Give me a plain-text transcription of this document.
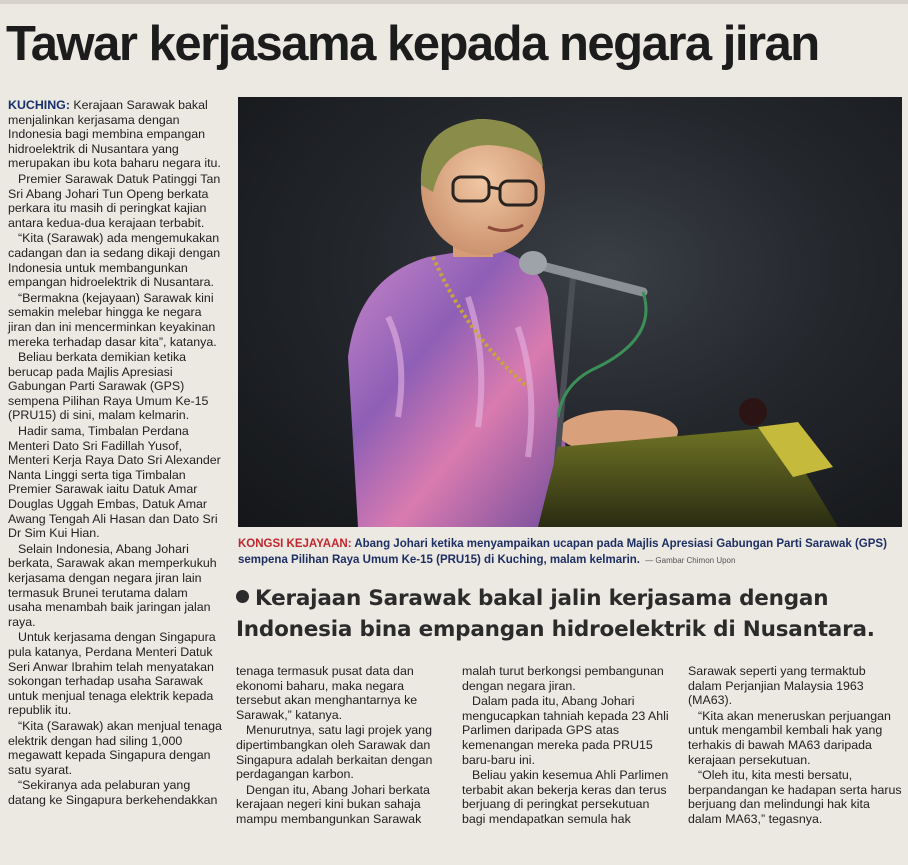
Tawar kerjasama kepada negara jiran

KUCHING: Kerajaan Sarawak bakal menjalinkan kerjasama dengan Indonesia bagi membina empangan hidroelektrik di Nusantara yang merupakan ibu kota baharu negara itu.

Premier Sarawak Datuk Patinggi Tan Sri Abang Johari Tun Openg berkata perkara itu masih di peringkat kajian antara kedua-dua kerajaan terbabit.

“Kita (Sarawak) ada mengemukakan cadangan dan ia sedang dikaji dengan Indonesia untuk membangunkan empangan hidroelektrik di Nusantara.

“Bermakna (kejayaan) Sarawak kini semakin melebar hingga ke negara jiran dan ini mencerminkan keyakinan mereka terhadap dasar kita”, katanya.

Beliau berkata demikian ketika berucap pada Majlis Apresiasi Gabungan Parti Sarawak (GPS) sempena Pilihan Raya Umum Ke-15 (PRU15) di sini, malam kelmarin.

Hadir sama, Timbalan Perdana Menteri Dato Sri Fadillah Yusof, Menteri Kerja Raya Dato Sri Alexander Nanta Linggi serta tiga Timbalan Premier Sarawak iaitu Datuk Amar Douglas Uggah Embas, Datuk Amar Awang Tengah Ali Hasan dan Dato Sri Dr Sim Kui Hian.

Selain Indonesia, Abang Johari berkata, Sarawak akan memperkukuh kerjasama dengan negara jiran lain termasuk Brunei terutama dalam usaha menambah baik jaringan jalan raya.

Untuk kerjasama dengan Singapura pula katanya, Perdana Menteri Datuk Seri Anwar Ibrahim telah menyatakan sokongan terhadap usaha Sarawak untuk menjual tenaga elektrik kepada republik itu.

“Kita (Sarawak) akan menjual tenaga elektrik dengan had siling 1,000 megawatt kepada Singapura dengan satu syarat.

“Sekiranya ada pelaburan yang datang ke Singapura berkehendakkan

KONGSI KEJAYAAN: Abang Johari ketika menyampaikan ucapan pada Majlis Apresiasi Gabungan Parti Sarawak (GPS) sempena Pilihan Raya Umum Ke-15 (PRU15) di Kuching, malam kelmarin. — Gambar Chimon Upon
Kerajaan Sarawak bakal jalin kerjasama dengan Indonesia bina empangan hidroelektrik di Nusantara.

tenaga termasuk pusat data dan ekonomi baharu, maka negara tersebut akan menghantarnya ke Sarawak,” katanya.

Menurutnya, satu lagi projek yang dipertimbangkan oleh Sarawak dan Singapura adalah berkaitan dengan perdagangan karbon.

Dengan itu, Abang Johari berkata kerajaan negeri kini bukan sahaja mampu membangunkan Sarawak

malah turut berkongsi pembangunan dengan negara jiran.

Dalam pada itu, Abang Johari mengucapkan tahniah kepada 23 Ahli Parlimen daripada GPS atas kemenangan mereka pada PRU15 baru-baru ini.

Beliau yakin kesemua Ahli Parlimen terbabit akan bekerja keras dan terus berjuang di peringkat persekutuan bagi mendapatkan semula hak

Sarawak seperti yang termaktub dalam Perjanjian Malaysia 1963 (MA63).

“Kita akan meneruskan perjuangan untuk mengambil kembali hak yang terhakis di bawah MA63 daripada kerajaan persekutuan.

“Oleh itu, kita mesti bersatu, berpandangan ke hadapan serta harus berjuang dan melindungi hak kita dalam MA63,” tegasnya.
